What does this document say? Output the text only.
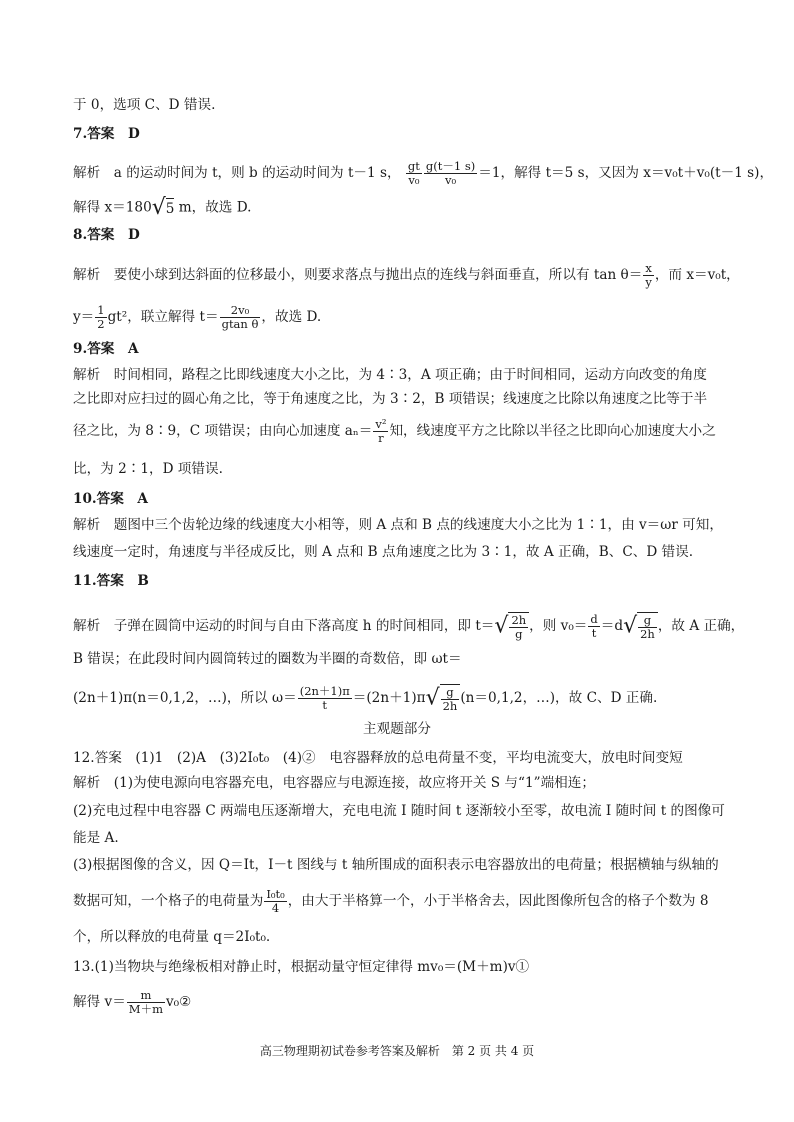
于 0，选项 C、D 错误.
7.答案　D
解析　a 的运动时间为 t，则 b 的运动时间为 t－1 s， $\frac{gt}{\text{v₀}} \frac{g(t-1 s)}{\text{v₀}} =1$，解得 t＝5 s，又因为 x＝v₀t＋v₀(t－1 s)，
解得 x＝180√5 m，故选 D.
8.答案　D
解析　要使小球到达斜面的位移最小，则要求落点与抛出点的连线与斜面垂直，所以有 $\tan \theta= \frac{x}{y}$ ，而 x＝v₀t，
$y= \frac{1}{2} gt^2$，联立解得 $t= \frac{\text{2v₀}}{\text{gtan θ}}$ ，故选 D.
9.答案　A
解析　时间相同，路程之比即线速度大小之比，为 4∶3，A 项正确；由于时间相同，运动方向改变的角度
之比即对应扫过的圆心角之比，等于角速度之比，为 3∶2，B 项错误；线速度之比除以角速度之比等于半
径之比，为 8∶9，C 项错误；由向心加速度 $a_n= \frac{\text{v²}}{r}$ 知，线速度平方之比除以半径之比即向心加速度大小之
比，为 2∶1，D 项错误.
10.答案　A
解析　题图中三个齿轮边缘的线速度大小相等，则 A 点和 B 点的线速度大小之比为 1∶1，由 v＝ωr 可知，
线速度一定时，角速度与半径成反比，则 A 点和 B 点角速度之比为 3∶1，故 A 正确，B、C、D 错误.
11.答案　B
解析　子弹在圆筒中运动的时间与自由下落高度 h 的时间相同，即 $t=√ \frac{2h}{g}$ ，则 $v_0= \frac{d}{t} =d√ \frac{g}{2h}$ ，故 A 正确，
B 错误；在此段时间内圆筒转过的圈数为半圈的奇数倍，即 ωt＝
(2n＋1)π(n＝0,1,2，…)，所以 $\omega= \frac{(2n+1)\pi}{t} =(2n+1)\pi√ \frac{g}{2h} (n=0,1,2$，…)，故 C、D 正确.
主观题部分
12.答案　(1)1　(2)A　(3)2I₀t₀　(4)②　电容器释放的总电荷量不变，平均电流变大，放电时间变短
解析　(1)为使电源向电容器充电，电容器应与电源连接，故应将开关 S 与“1”端相连；
(2)充电过程中电容器 C 两端电压逐渐增大，充电电流 I 随时间 t 逐渐较小至零，故电流 I 随时间 t 的图像可
能是 A.
(3)根据图像的含义，因 Q＝It，I－t 图线与 t 轴所围成的面积表示电容器放出的电荷量；根据横轴与纵轴的
数据可知，一个格子的电荷量为 $\frac{\text{I₀t₀}}{4}$ ，由大于半格算一个，小于半格舍去，因此图像所包含的格子个数为 8
个，所以释放的电荷量 q＝2I₀t₀.
13.(1)当物块与绝缘板相对静止时，根据动量守恒定律得 mv₀＝(M＋m)v①
解得 $v= \frac{m}{M+m}$ v₀②
高三物理期初试卷参考答案及解析　第 2 页 共 4 页
